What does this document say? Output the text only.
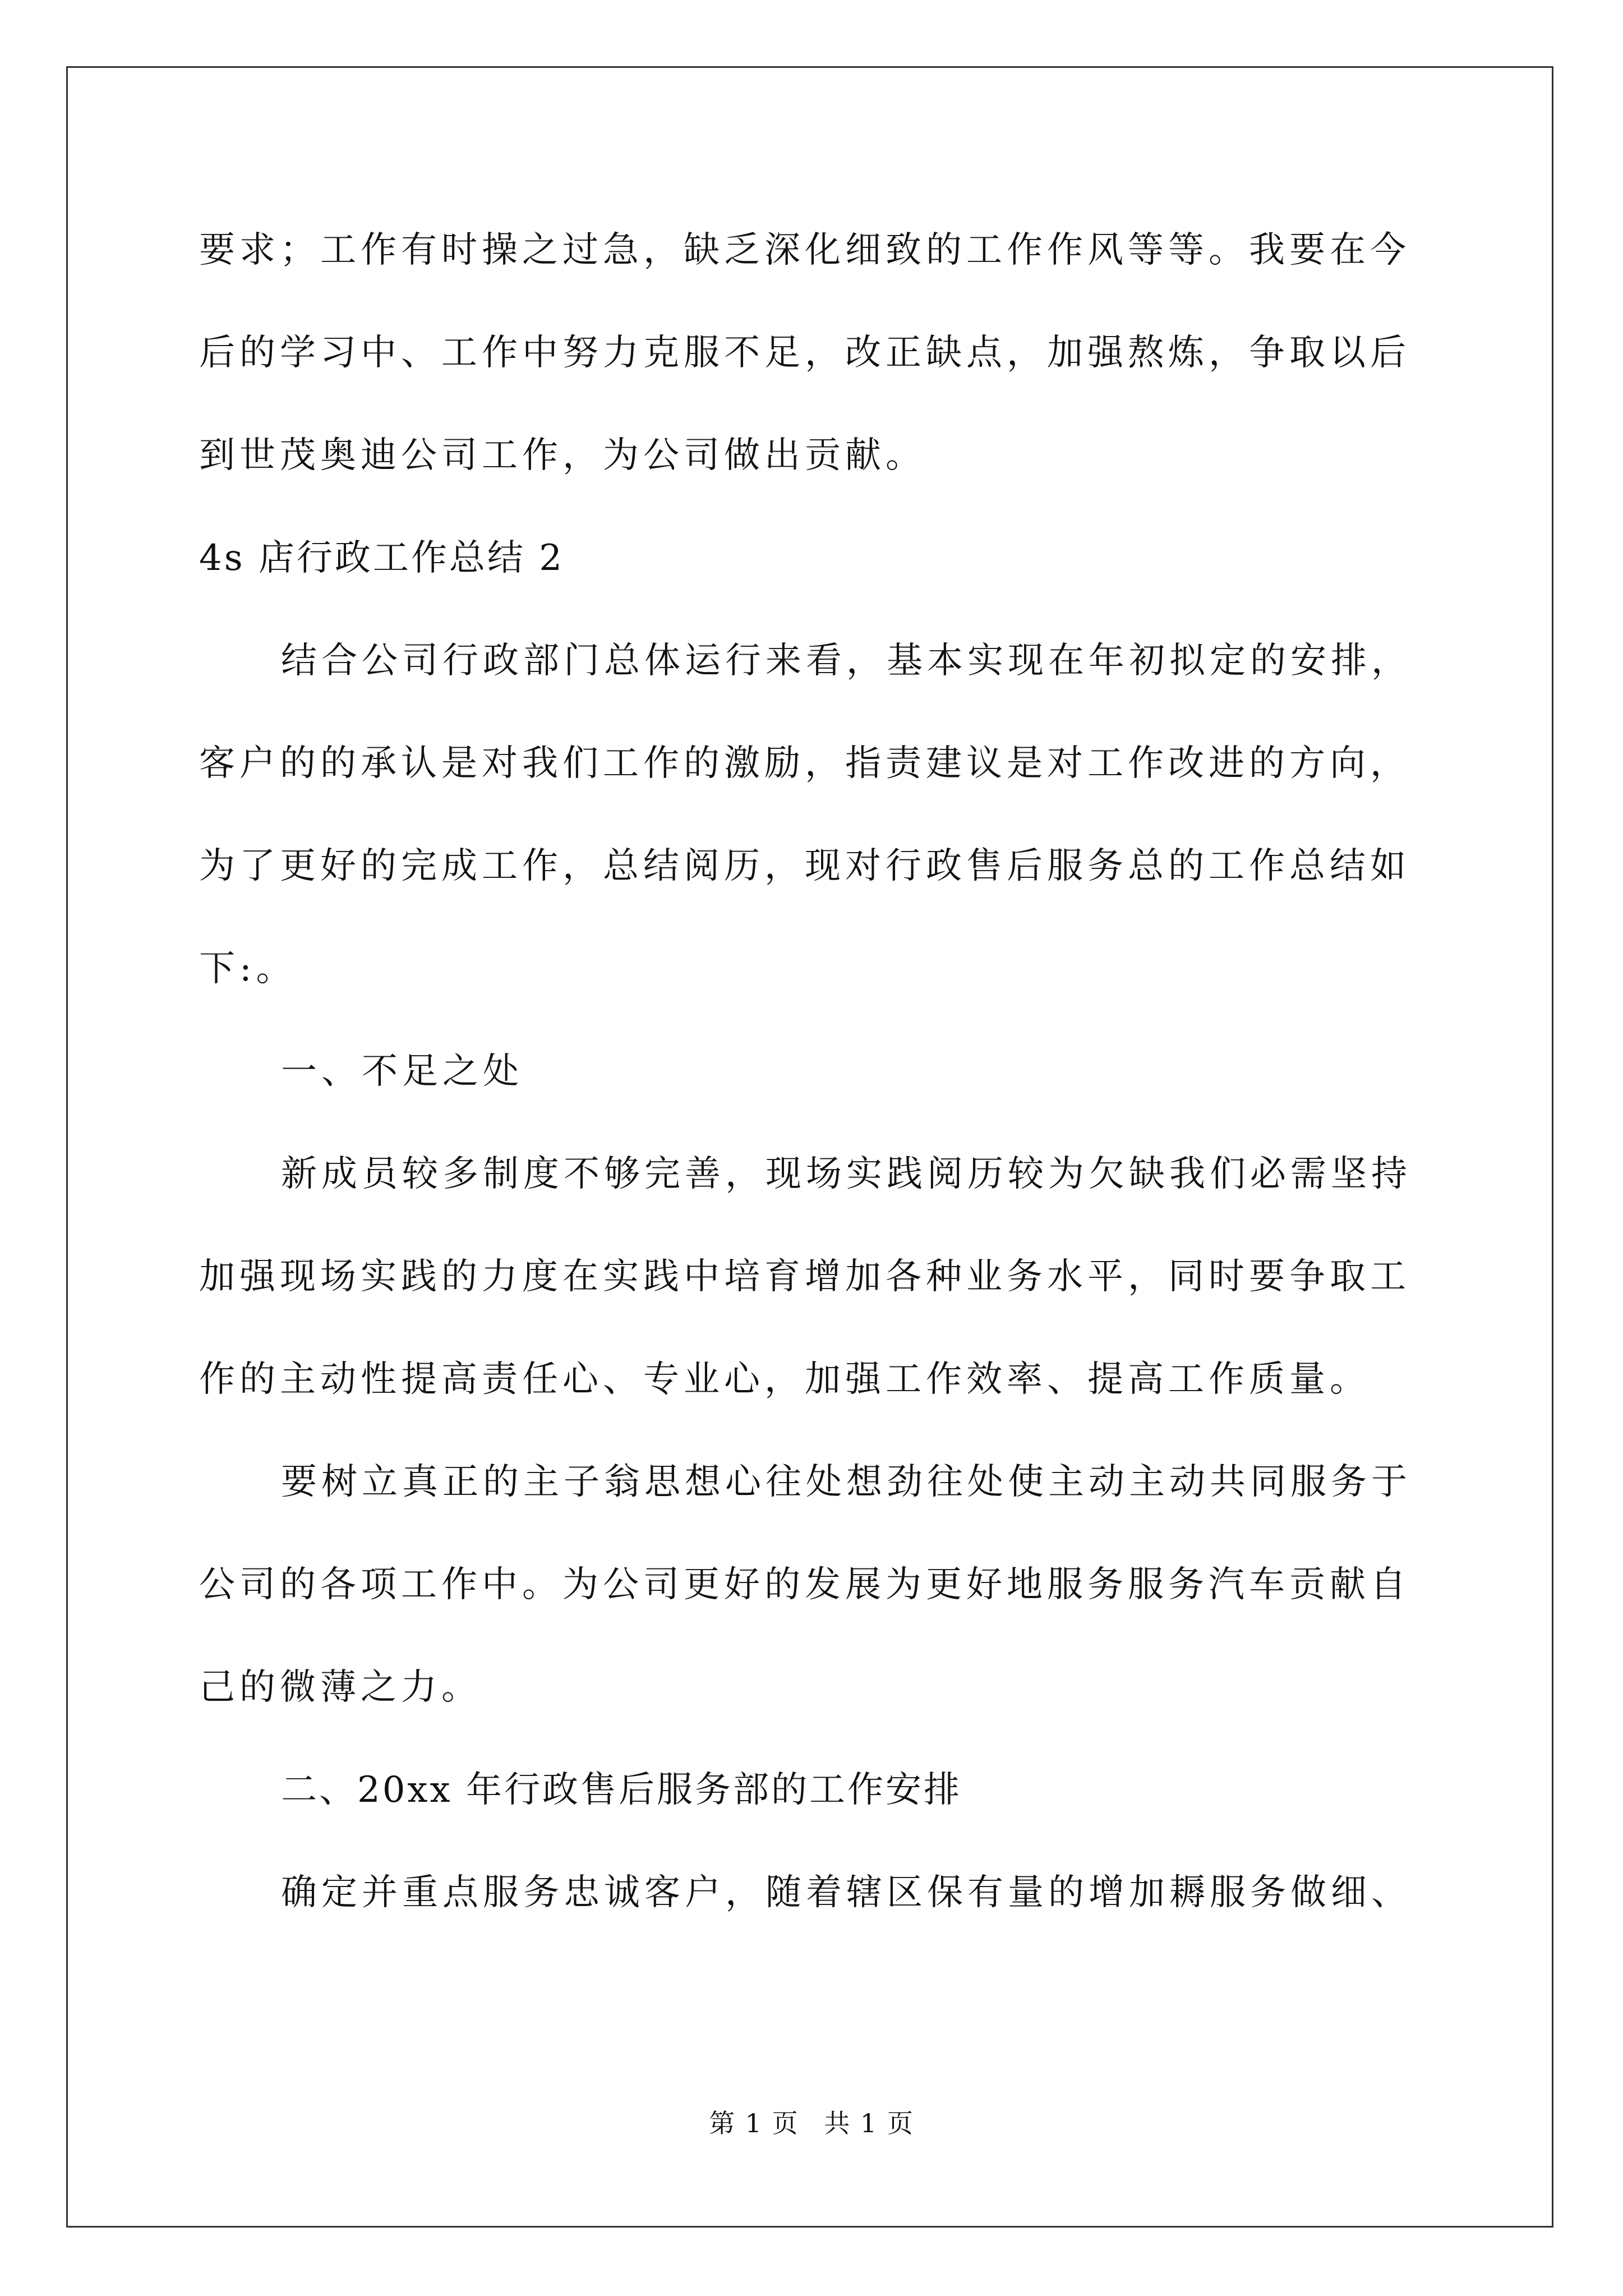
要求；工作有时操之过急，缺乏深化细致的工作作风等等。我要在今
后的学习中、工作中努力克服不足，改正缺点，加强熬炼，争取以后
到世茂奥迪公司工作，为公司做出贡献。
4s 店行政工作总结 2
结合公司行政部门总体运行来看，基本实现在年初拟定的安排，
客户的的承认是对我们工作的激励，指责建议是对工作改进的方向，
为了更好的完成工作，总结阅历，现对行政售后服务总的工作总结如
下:。
一、不足之处
新成员较多制度不够完善，现场实践阅历较为欠缺我们必需坚持
加强现场实践的力度在实践中培育增加各种业务水平，同时要争取工
作的主动性提高责任心、专业心，加强工作效率、提高工作质量。
要树立真正的主子翁思想心往处想劲往处使主动主动共同服务于
公司的各项工作中。为公司更好的发展为更好地服务服务汽车贡献自
己的微薄之力。
二、20xx 年行政售后服务部的工作安排
确定并重点服务忠诚客户，随着辖区保有量的增加耨服务做细、
第 1 页 共 1 页
